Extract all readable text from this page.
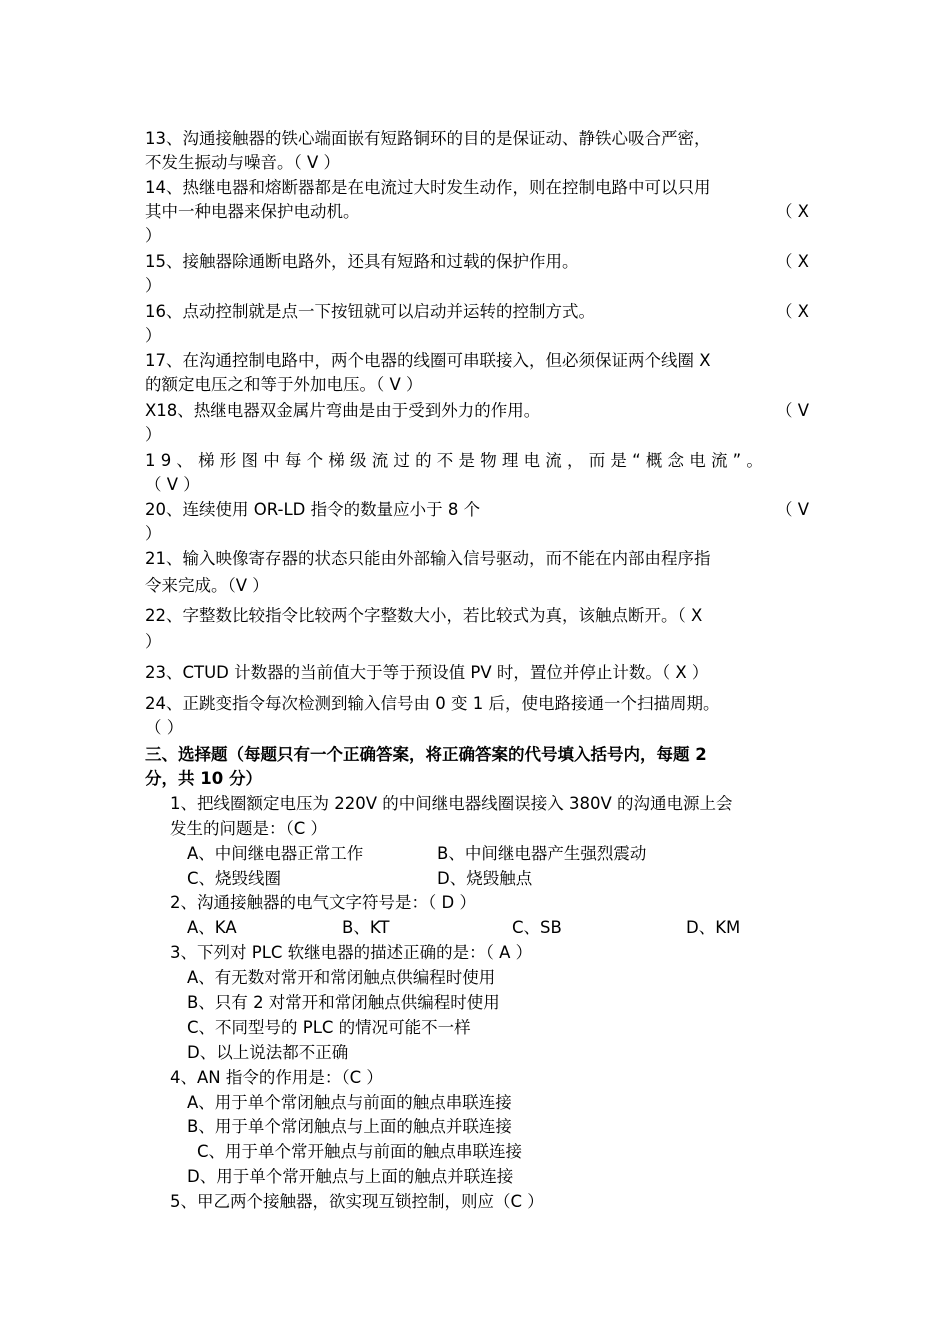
13、沟通接触器的铁心端面嵌有短路铜环的目的是保证动、静铁心吸合严密，
不发生振动与噪音。（ V ）
14、热继电器和熔断器都是在电流过大时发生动作，则在控制电路中可以只用
其中一种电器来保护电动机。	（ X
）
15、接触器除通断电路外，还具有短路和过载的保护作用。	（ X
）
16、点动控制就是点一下按钮就可以启动并运转的控制方式。	（ X
）
17、在沟通控制电路中，两个电器的线圈可串联接入，但必须保证两个线圈 X
的额定电压之和等于外加电压。（ V ）
X18、热继电器双金属片弯曲是由于受到外力的作用。	（ V
）
19、梯形图中每个梯级流过的不是物理电流，而是“概念电流”。
（ V ）
20、连续使用 OR-LD 指令的数量应小于 8 个	（ V
）
21、输入映像寄存器的状态只能由外部输入信号驱动，而不能在内部由程序指
令来完成。（V ）
22、字整数比较指令比较两个字整数大小，若比较式为真，该触点断开。（ X
）
23、CTUD 计数器的当前值大于等于预设值 PV 时，置位并停止计数。（ X ）
24、正跳变指令每次检测到输入信号由 0 变 1 后，使电路接通一个扫描周期。
（ ）
三、选择题（每题只有一个正确答案，将正确答案的代号填入括号内，每题 2
分，共 10 分）
1、把线圈额定电压为 220V 的中间继电器线圈误接入 380V 的沟通电源上会
发生的问题是：（C ）
A、中间继电器正常工作	B、中间继电器产生强烈震动
C、烧毁线圈	D、烧毁触点
2、沟通接触器的电气文字符号是：（ D ）
A、KA	B、KT	C、SB	D、KM
3、下列对 PLC 软继电器的描述正确的是：（ A ）
A、有无数对常开和常闭触点供编程时使用
B、只有 2 对常开和常闭触点供编程时使用
C、不同型号的 PLC 的情况可能不一样
D、以上说法都不正确
4、AN 指令的作用是：（C ）
A、用于单个常闭触点与前面的触点串联连接
B、用于单个常闭触点与上面的触点并联连接
C、用于单个常开触点与前面的触点串联连接
D、用于单个常开触点与上面的触点并联连接
5、甲乙两个接触器，欲实现互锁控制，则应（C ）
